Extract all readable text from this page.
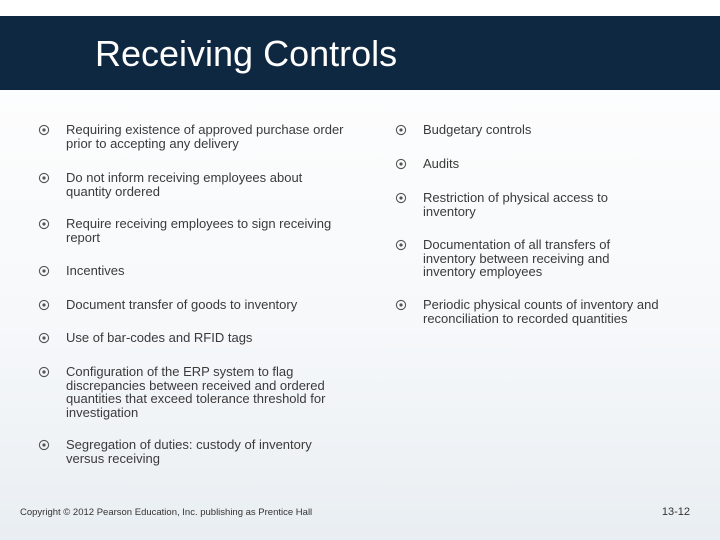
Receiving Controls
Requiring existence of approved purchase order prior to accepting any delivery
Do not inform receiving employees about quantity ordered
Require receiving employees to sign receiving report
Incentives
Document transfer of goods to inventory
Use of bar-codes and RFID tags
Configuration of the ERP system to flag discrepancies between received and ordered quantities that exceed tolerance threshold for investigation
Segregation of duties: custody of inventory versus receiving
Budgetary controls
Audits
Restriction of physical access to inventory
Documentation of all transfers of inventory between receiving and inventory employees
Periodic physical counts of inventory and reconciliation to recorded quantities
Copyright © 2012 Pearson Education, Inc. publishing as Prentice Hall	13-12
